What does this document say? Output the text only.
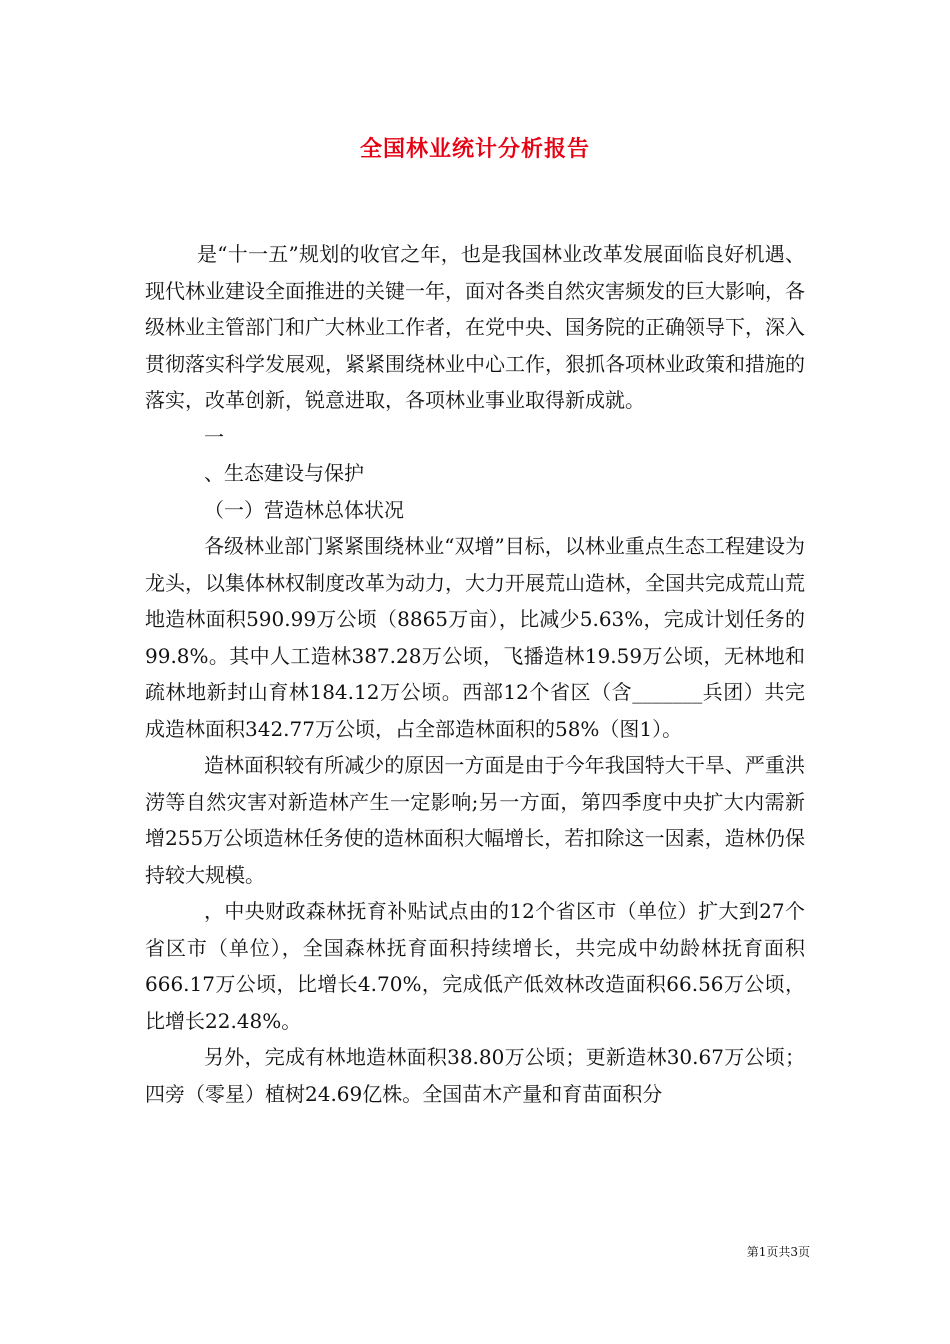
全国林业统计分析报告

是“十一五”规划的收官之年，也是我国林业改革发展面临良好机遇、现代林业建设全面推进的关键一年，面对各类自然灾害频发的巨大影响，各级林业主管部门和广大林业工作者，在党中央、国务院的正确领导下，深入贯彻落实科学发展观，紧紧围绕林业中心工作，狠抓各项林业政策和措施的落实，改革创新，锐意进取，各项林业事业取得新成就。

一

、生态建设与保护

（一）营造林总体状况

各级林业部门紧紧围绕林业“双增”目标，以林业重点生态工程建设为龙头，以集体林权制度改革为动力，大力开展荒山造林，全国共完成荒山荒地造林面积590.99万公顷（8865万亩），比减少5.63%，完成计划任务的99.8%。其中人工造林387.28万公顷，飞播造林19.59万公顷，无林地和疏林地新封山育林184.12万公顷。西部12个省区（含_______兵团）共完成造林面积342.77万公顷，占全部造林面积的58%（图1）。

造林面积较有所减少的原因一方面是由于今年我国特大干旱、严重洪涝等自然灾害对新造林产生一定影响;另一方面，第四季度中央扩大内需新增255万公顷造林任务使的造林面积大幅增长，若扣除这一因素，造林仍保持较大规模。

，中央财政森林抚育补贴试点由的12个省区市（单位）扩大到27个省区市（单位），全国森林抚育面积持续增长，共完成中幼龄林抚育面积666.17万公顷，比增长4.70%，完成低产低效林改造面积66.56万公顷，比增长22.48%。

另外，完成有林地造林面积38.80万公顷；更新造林30.67万公顷；四旁（零星）植树24.69亿株。全国苗木产量和育苗面积分

第1页共3页
